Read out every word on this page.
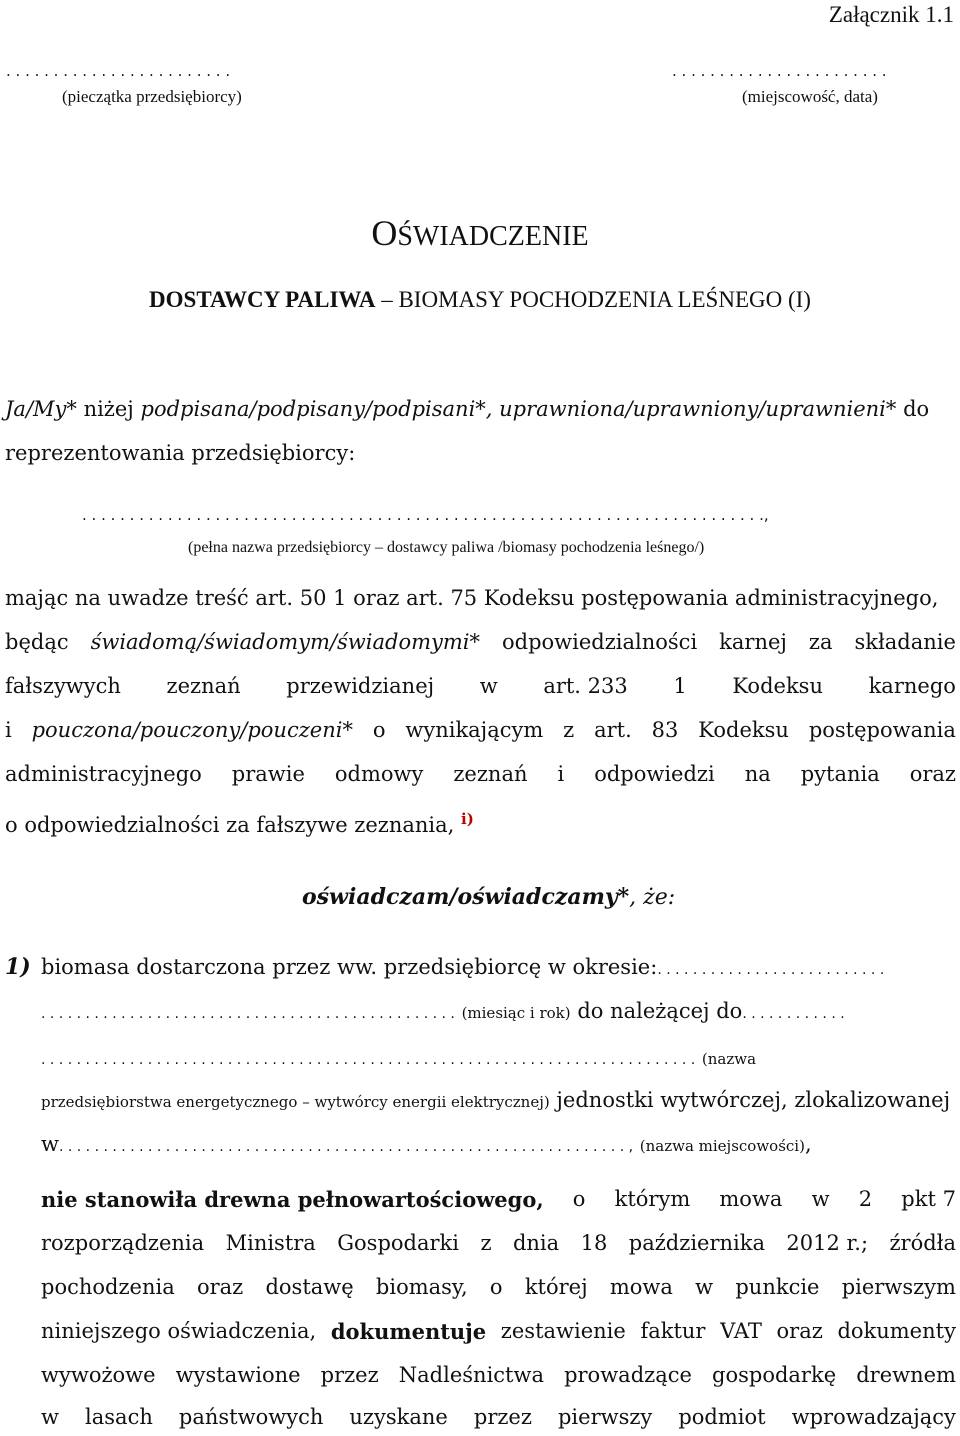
Załącznik 1.1
. . . . . . . . . . . . . . . . . . . . . . . .
(pieczątka przedsiębiorcy)
. . . . . . . . . . . . . . . . . . . . . . .
(miejscowość, data)
OŚWIADCZENIE
DOSTAWCY PALIWA – BIOMASY POCHODZENIA LEŚNEGO (I)
Ja/My* niżej podpisana/podpisany/podpisani*, uprawniona/uprawniony/uprawnieni* do
reprezentowania przedsiębiorcy:
. . . . . . . . . . . . . . . . . . . . . . . . . . . . . . . . . . . . . . . . . . . . . . . . . . . . . . . . . . . . . . . . . . . . . . . .,
(pełna nazwa przedsiębiorcy – dostawcy paliwa /biomasy pochodzenia leśnego/)
mając na uwadze treść art. 50 1 oraz art. 75 Kodeksu postępowania administracyjnego,
będąc świadomą/świadomym/świadomymi* odpowiedzialności karnej za składanie
fałszywych zeznań przewidzianej w art. 233 1 Kodeksu karnego
i pouczona/pouczony/pouczeni* o wynikającym z art. 83 Kodeksu postępowania
administracyjnego prawie odmowy zeznań i odpowiedzi na pytania oraz
o odpowiedzialności za fałszywe zeznania, $^{i)}$
oświadczam/oświadczamy*, że:
1) biomasa dostarczona przez ww. przedsiębiorcę w okresie:. . . . . . . . . . . . . . . . . . . . . . . . . .
. . . . . . . . . . . . . . . . . . . . . . . . . . . . . . . . . . . . . . . . . . . . . . . (miesiąc i rok) do należącej do. . . . . . . . . . . .
. . . . . . . . . . . . . . . . . . . . . . . . . . . . . . . . . . . . . . . . . . . . . . . . . . . . . . . . . . . . . . . . . . . . . . . . . . (nazwa
przedsiębiorstwa energetycznego – wytwórcy energii elektrycznej) jednostki wytwórczej, zlokalizowanej
w. . . . . . . . . . . . . . . . . . . . . . . . . . . . . . . . . . . . . . . . . . . . . . . . . . . . . . . . . . . . . . . . , (nazwa miejscowości),
nie stanowiła drewna pełnowartościowego, o którym mowa w 2 pkt 7
rozporządzenia Ministra Gospodarki z dnia 18 października 2012 r.; źródła
pochodzenia oraz dostawę biomasy, o której mowa w punkcie pierwszym
niniejszego oświadczenia, dokumentuje zestawienie faktur VAT oraz dokumenty
wywożowe wystawione przez Nadleśnictwa prowadzące gospodarkę drewnem
w lasach państwowych uzyskane przez pierwszy podmiot wprowadzający
